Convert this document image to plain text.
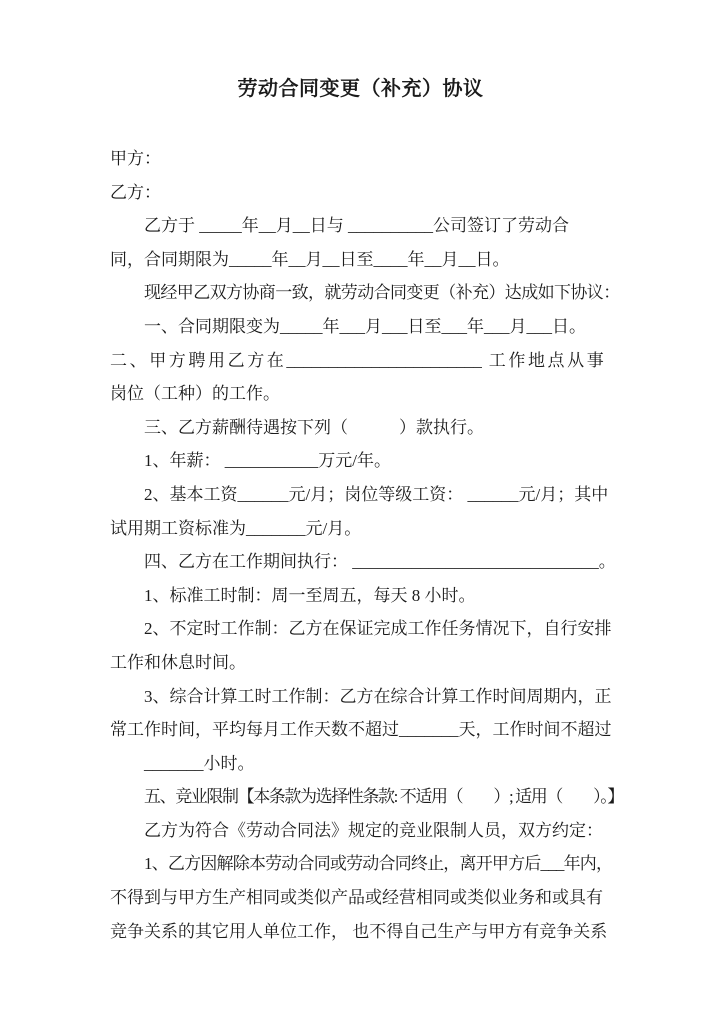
劳动合同变更（补充）协议
甲方：
乙方：
乙方于 _____年__月__日与 __________公司签订了劳动合
同，合同期限为_____年__月__日至____年__月__日。
现经甲乙双方协商一致，就劳动合同变更（补充）达成如下协议：
一、合同期限变为_____年___月___日至___年___月___日。
二、甲方聘用乙方在_______________________ 工作地点从事
岗位（工种）的工作。
三、乙方薪酬待遇按下列（　　　）款执行。
1、年薪： ___________万元/年。
2、基本工资______元/月；岗位等级工资： ______元/月；其中
试用期工资标准为_______元/月。
四、乙方在工作期间执行： _____________________________。
1、标准工时制：周一至周五，每天 8 小时。
2、不定时工作制：乙方在保证完成工作任务情况下，自行安排
工作和休息时间。
3、综合计算工时工作制：乙方在综合计算工作时间周期内，正
常工作时间，平均每月工作天数不超过_______天，工作时间不超过
_______小时。
五、竞业限制【本条款为选择性条款: 不适用（　　）; 适用（　　）。】
乙方为符合《劳动合同法》规定的竞业限制人员，双方约定：
1、乙方因解除本劳动合同或劳动合同终止，离开甲方后___年内，
不得到与甲方生产相同或类似产品或经营相同或类似业务和或具有
竞争关系的其它用人单位工作， 也不得自己生产与甲方有竞争关系
